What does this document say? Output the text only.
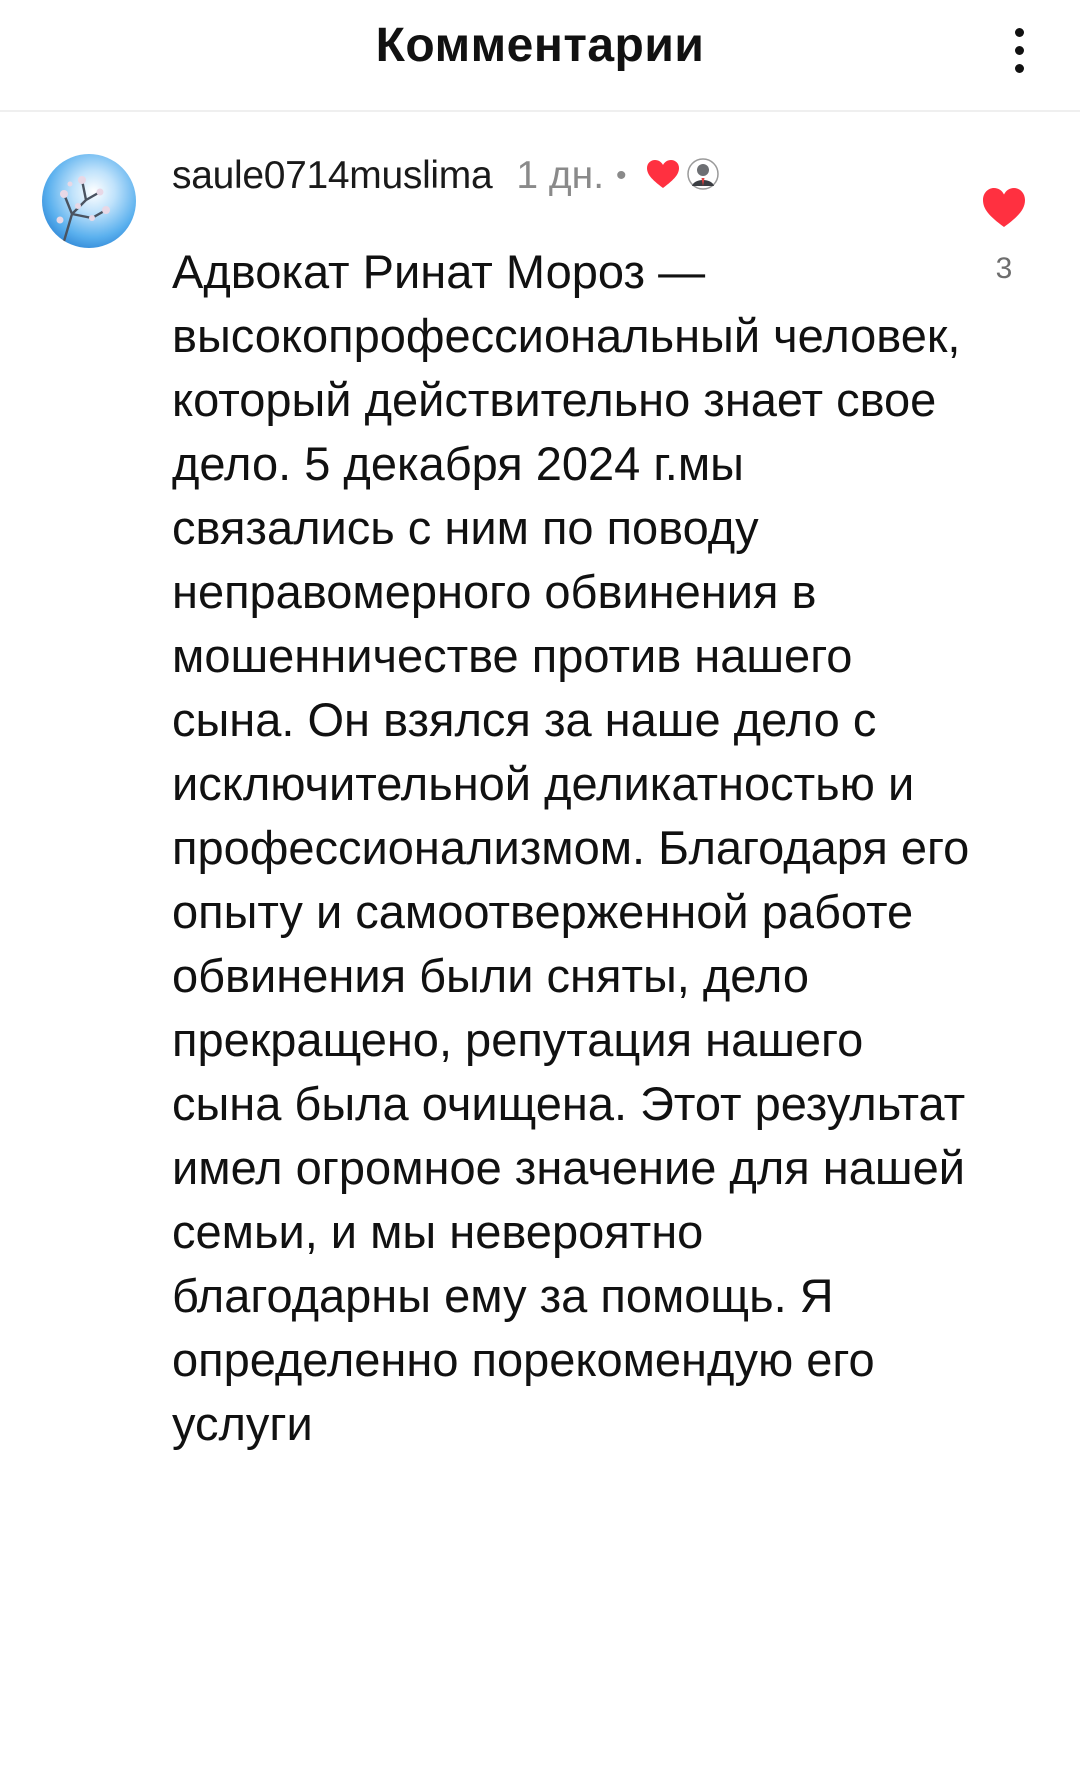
Комментарии
saule0714muslima 1 дн. •

Адвокат Ринат Мороз — высокопрофессиональный человек, который действительно знает свое дело. 5 декабря 2024 г.мы связались с ним по поводу неправомерного обвинения в мошенничестве против нашего сына. Он взялся за наше дело с исключительной деликатностью и профессионализмом. Благодаря его опыту и самоотверженной работе обвинения были сняты, дело прекращено, репутация нашего сына была очищена. Этот результат имел огромное значение для нашей семьи, и мы невероятно благодарны ему за помощь. Я определенно порекомендую его услуги

3
